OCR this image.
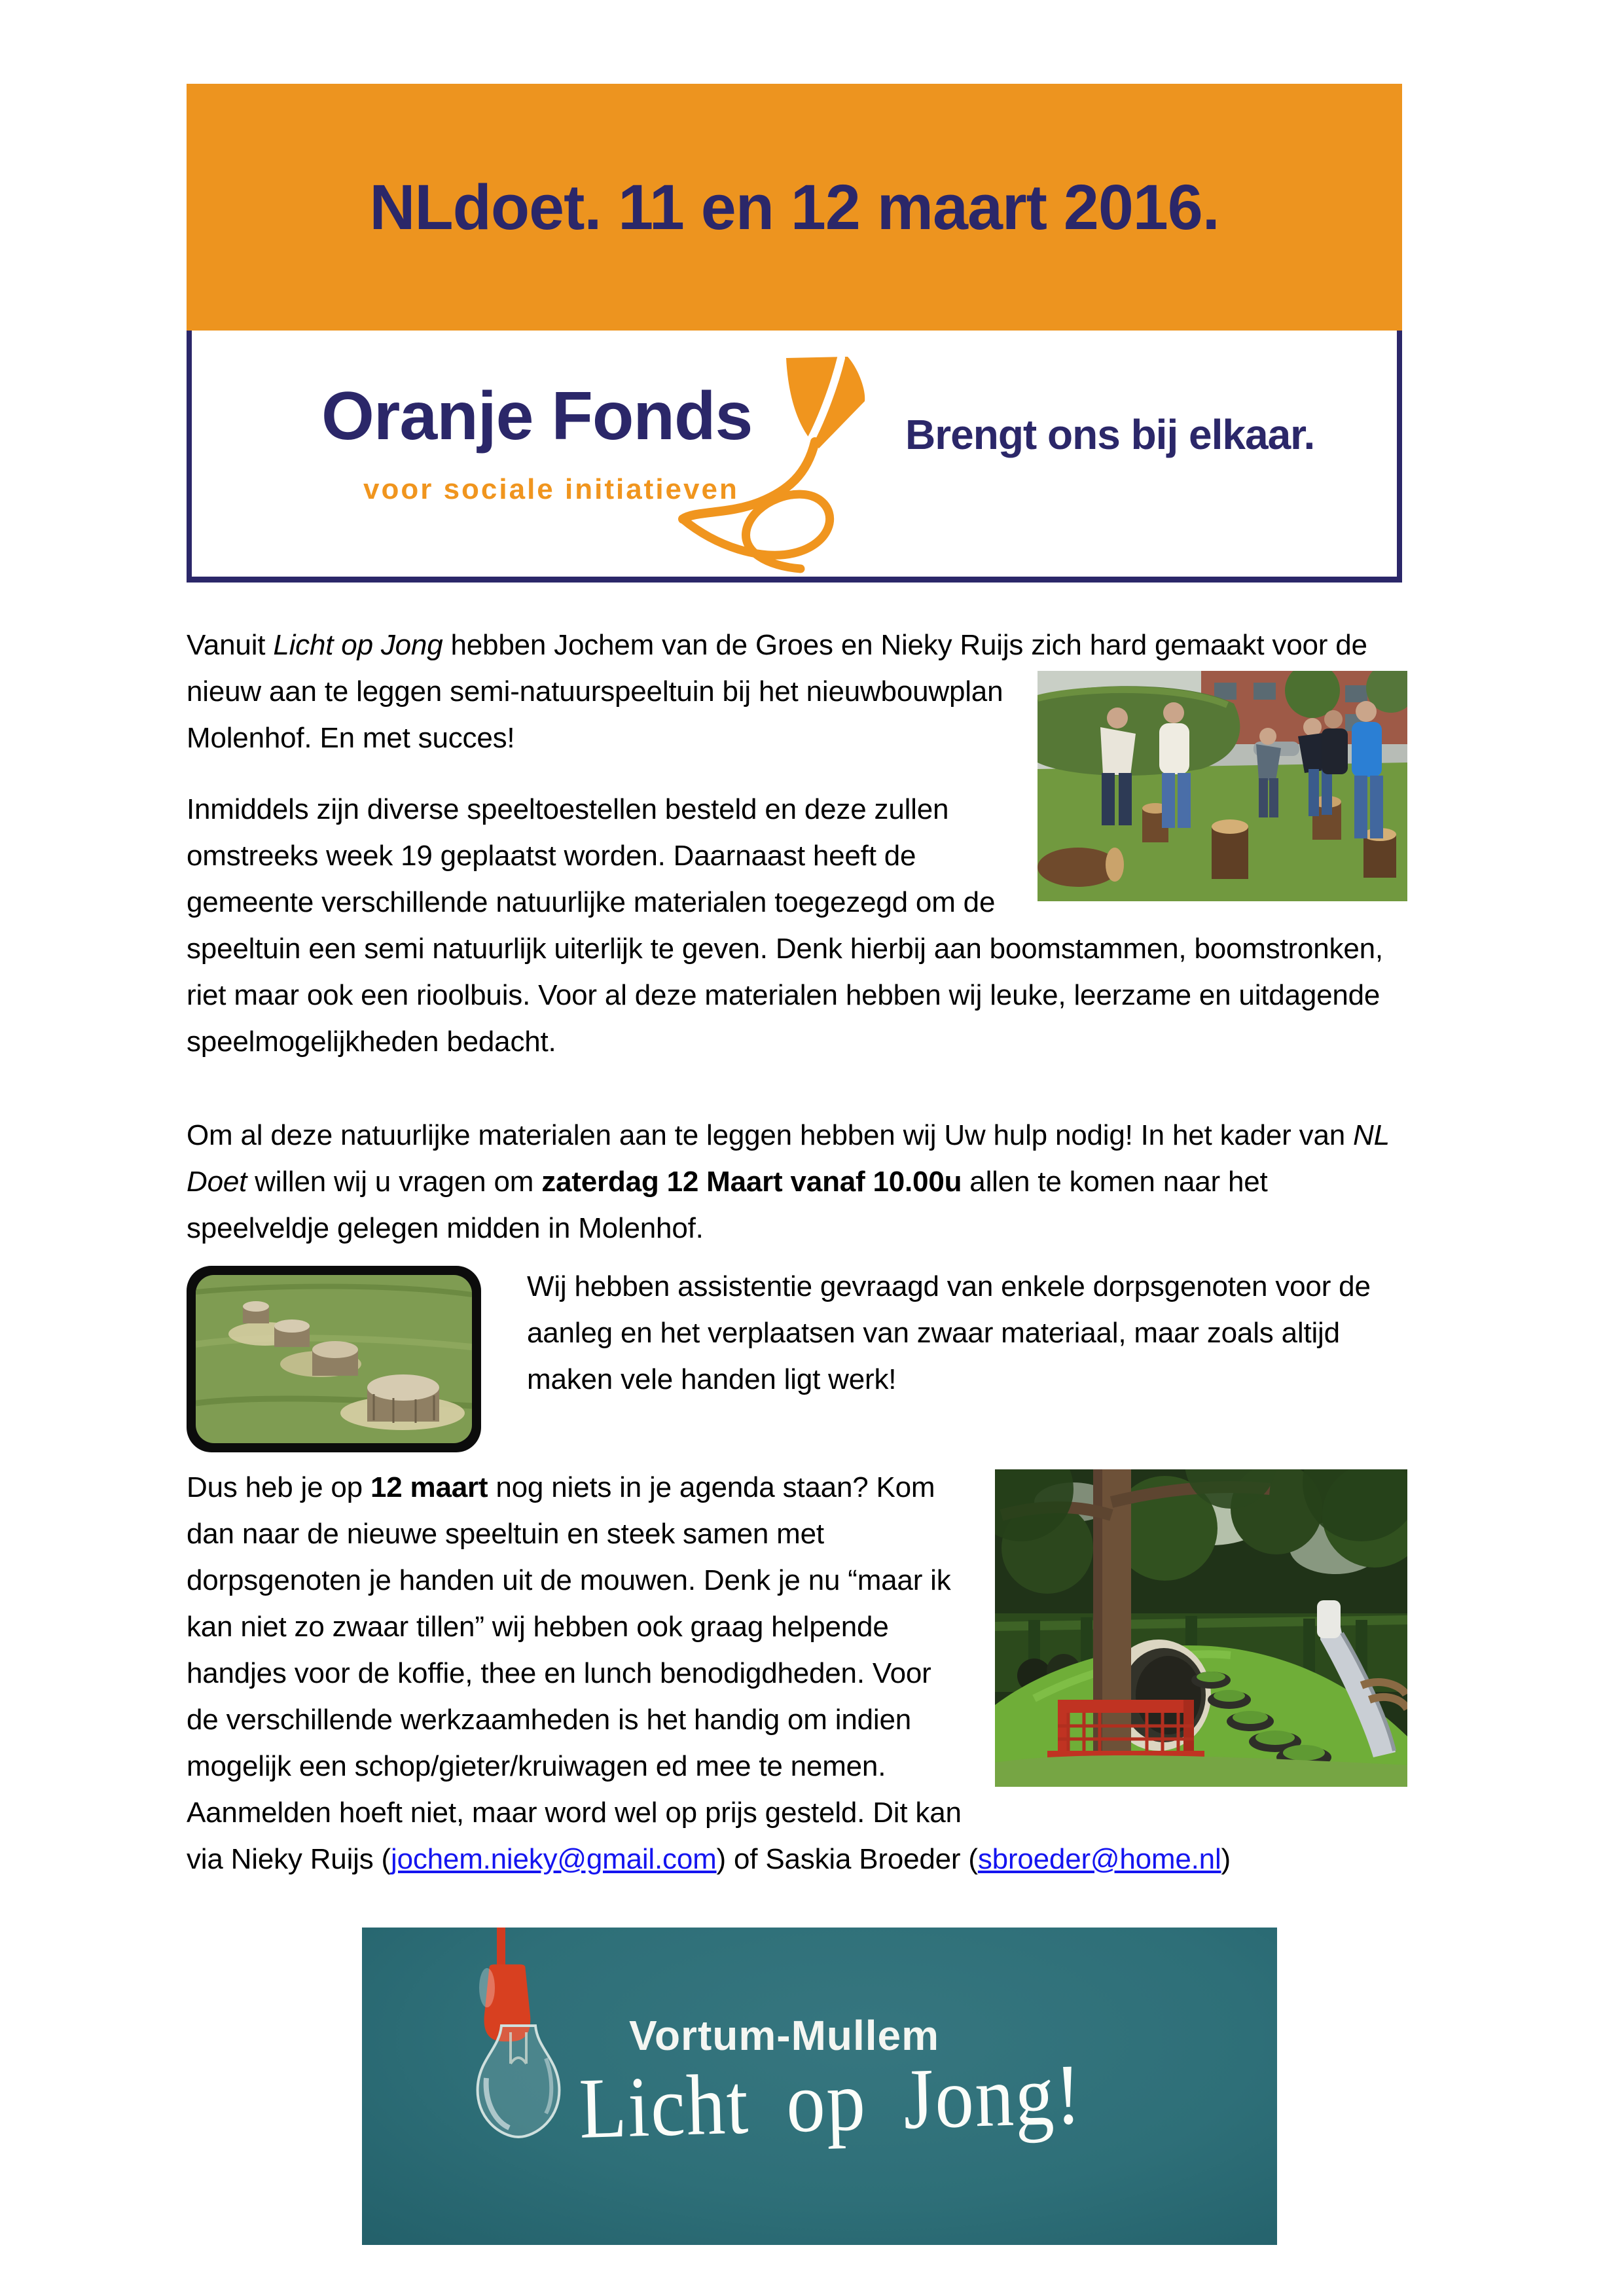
NLdoet. 11 en 12 maart 2016.
Oranje Fonds
voor sociale initiatieven
Brengt ons bij elkaar.

Vanuit Licht op Jong hebben Jochem van de Groes en Nieky Ruijs zich hard gemaakt
voor de nieuw aan te leggen semi-natuurspeeltuin bij het nieuwbouwplan Molenhof. En met succes!

Inmiddels zijn diverse speeltoestellen besteld en deze zullen omstreeks week 19 geplaatst worden. Daarnaast heeft de gemeente verschillende natuurlijke materialen toegezegd om de speeltuin een semi natuurlijk uiterlijk te geven. Denk hierbij aan boomstammen, boomstronken, riet maar ook een rioolbuis. Voor al deze materialen hebben wij leuke, leerzame en uitdagende speelmogelijkheden bedacht.

Om al deze natuurlijke materialen aan te leggen hebben wij Uw hulp nodig! In het kader van NL Doet willen wij u vragen om zaterdag 12 Maart vanaf 10.00u allen te komen naar het speelveldje gelegen midden in Molenhof.

Wij hebben assistentie gevraagd van enkele dorpsgenoten voor de aanleg en het verplaatsen van zwaar materiaal, maar zoals altijd maken vele handen ligt werk!

Dus heb je op 12 maart nog niets in je agenda staan? Kom dan naar de nieuwe speeltuin en steek samen met dorpsgenoten je handen uit de mouwen. Denk je nu “maar ik kan niet zo zwaar tillen” wij hebben ook graag helpende handjes voor de koffie, thee en lunch benodigdheden. Voor de verschillende werkzaamheden is het handig om indien mogelijk een schop/gieter/kruiwagen ed mee te nemen.

Aanmelden hoeft niet, maar word wel op prijs gesteld. Dit kan via Nieky Ruijs (jochem.nieky@gmail.com) of Saskia Broeder (sbroeder@home.nl)

Vortum-Mullem
Licht op Jong!
